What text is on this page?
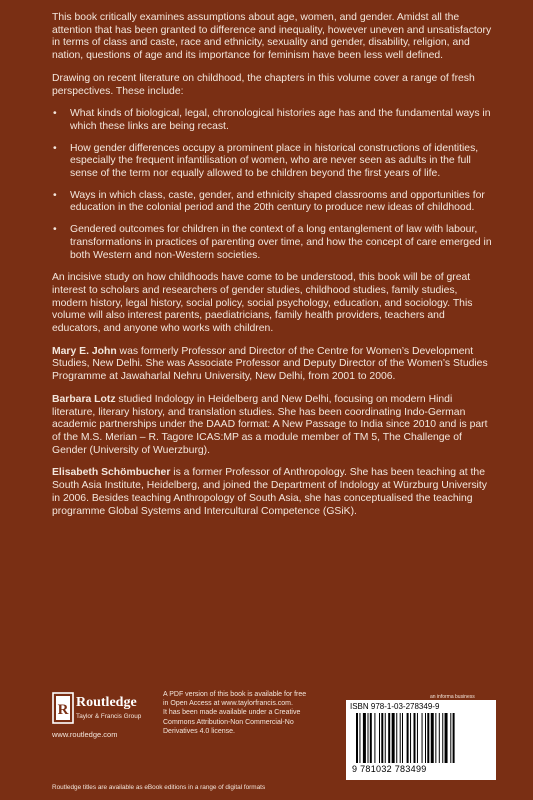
This book critically examines assumptions about age, women, and gender. Amidst all the attention that has been granted to difference and inequality, however uneven and unsatisfactory in terms of class and caste, race and ethnicity, sexuality and gender, disability, religion, and nation, questions of age and its importance for feminism have been less well defined.

Drawing on recent literature on childhood, the chapters in this volume cover a range of fresh perspectives. These include:

• What kinds of biological, legal, chronological histories age has and the fundamental ways in which these links are being recast.
• How gender differences occupy a prominent place in historical constructions of identities, especially the frequent infantilisation of women, who are never seen as adults in the full sense of the term nor equally allowed to be children beyond the first years of life.
• Ways in which class, caste, gender, and ethnicity shaped classrooms and opportunities for education in the colonial period and the 20th century to produce new ideas of childhood.
• Gendered outcomes for children in the context of a long entanglement of law with labour, transformations in practices of parenting over time, and how the concept of care emerged in both Western and non-Western societies.

An incisive study on how childhoods have come to be understood, this book will be of great interest to scholars and researchers of gender studies, childhood studies, family studies, modern history, legal history, social policy, social psychology, education, and sociology. This volume will also interest parents, paediatricians, family health providers, teachers and educators, and anyone who works with children.

Mary E. John was formerly Professor and Director of the Centre for Women’s Development Studies, New Delhi. She was Associate Professor and Deputy Director of the Women’s Studies Programme at Jawaharlal Nehru University, New Delhi, from 2001 to 2006.

Barbara Lotz studied Indology in Heidelberg and New Delhi, focusing on modern Hindi literature, literary history, and translation studies. She has been coordinating Indo-German academic partnerships under the DAAD format: A New Passage to India since 2010 and is part of the M.S. Merian – R. Tagore ICAS:MP as a module member of TM 5, The Challenge of Gender (University of Wuerzburg).

Elisabeth Schömbucher is a former Professor of Anthropology. She has been teaching at the South Asia Institute, Heidelberg, and joined the Department of Indology at Würzburg University in 2006. Besides teaching Anthropology of South Asia, she has conceptualised the teaching programme Global Systems and Intercultural Competence (GSiK).

R Routledge
Taylor & Francis Group
www.routledge.com
A PDF version of this book is available for free
in Open Access at www.taylorfrancis.com.
It has been made available under a Creative
Commons Attribution-Non Commercial-No
Derivatives 4.0 license.
an informa business
ISBN 978-1-03-278349-9
9 781032 783499
Routledge titles are available as eBook editions in a range of digital formats
